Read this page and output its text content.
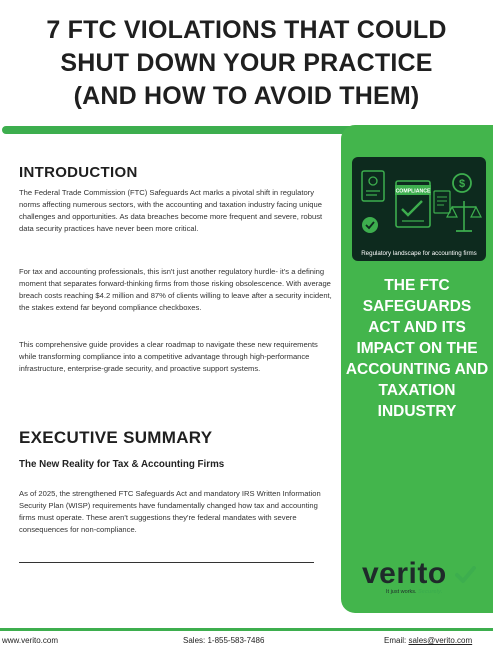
7 FTC VIOLATIONS THAT COULD
SHUT DOWN YOUR PRACTICE
(AND HOW TO AVOID THEM)
COMPLIANCE
$
Regulatory landscape for accounting firms
THE FTC SAFEGUARDS ACT AND ITS IMPACT ON THE ACCOUNTING AND TAXATION INDUSTRY
INTRODUCTION

The Federal Trade Commission (FTC) Safeguards Act marks a pivotal shift in regulatory norms affecting numerous sectors, with the accounting and taxation industry facing unique challenges and opportunities. As data breaches become more frequent and severe, robust data security practices have never been more critical.

For tax and accounting professionals, this isn't just another regulatory hurdle- it's a defining moment that separates forward-thinking firms from those risking obsolescence. With average breach costs reaching $4.2 million and 87% of clients willing to leave after a security incident, the stakes extend far beyond compliance checkboxes.

This comprehensive guide provides a clear roadmap to navigate these new requirements while transforming compliance into a competitive advantage through high-performance infrastructure, enterprise-grade security, and proactive support systems.

EXECUTIVE SUMMARY
The New Reality for Tax & Accounting Firms

As of 2025, the strengthened FTC Safeguards Act and mandatory IRS Written Information Security Plan (WISP) requirements have fundamentally changed how tax and accounting firms must operate. These aren't suggestions they're federal mandates with severe consequences for non-compliance.

verito
It just works. Securely.
www.verito.com	Sales: 1-855-583-7486	Email: sales@verito.com
